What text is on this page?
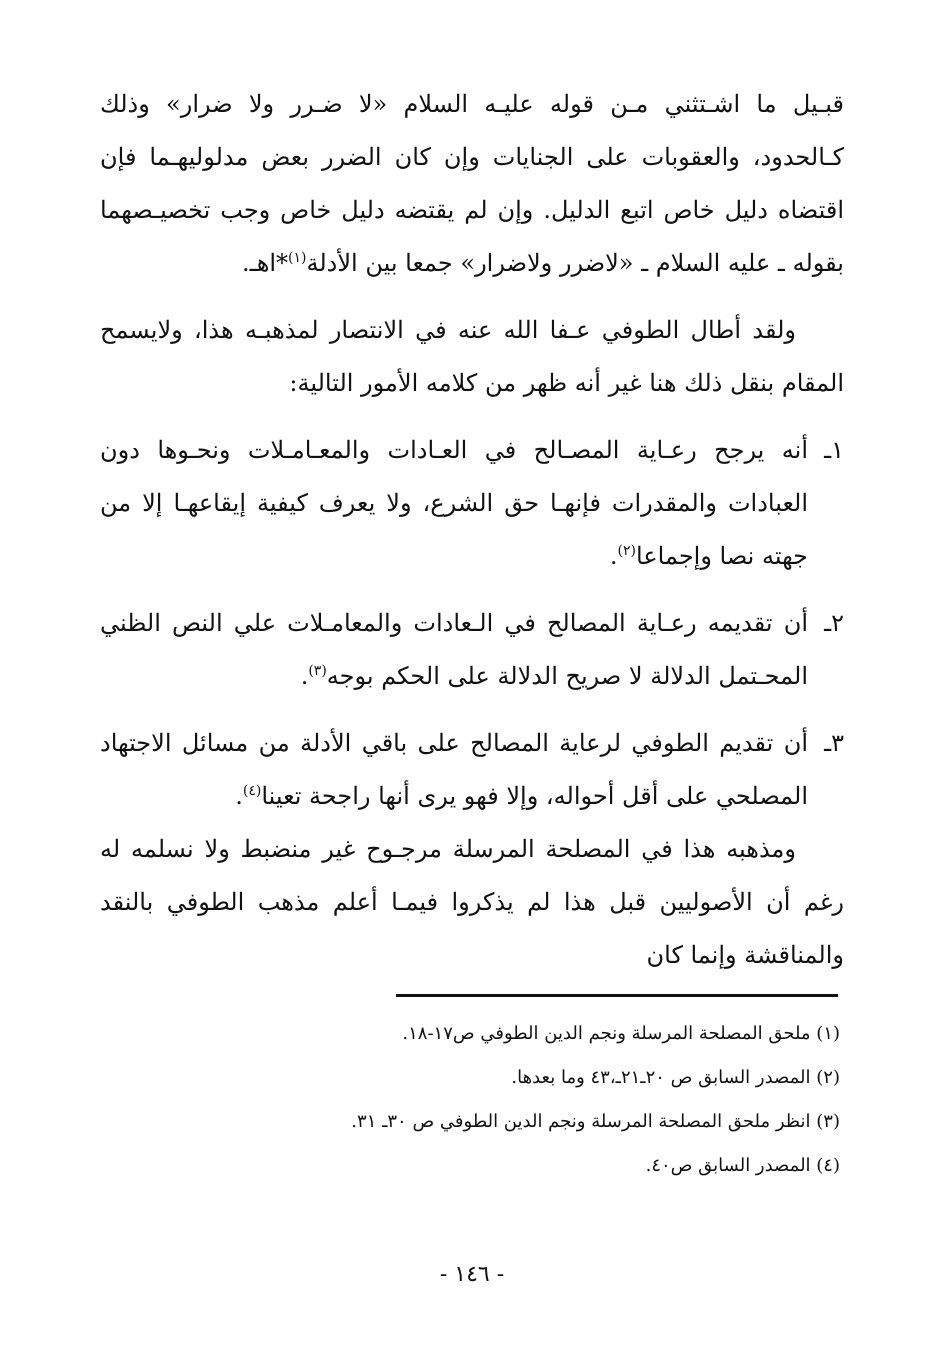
قبـيل ما اشـتثني مـن قوله عليـه السلام «لا ضـرر ولا ضرار» وذلك كـالحدود، والعقوبات على الجنايات وإن كان الضرر بعض مدلوليهـما فإن اقتضاه دليل خاص اتبع الدليل. وإن لم يقتضه دليل خاص وجب تخصيـصهما بقوله ـ عليه السلام ـ «لاضرر ولاضرار» جمعا بين الأدلة$^{(١)}$*اهـ.

ولقد أطال الطوفي عـفا الله عنه في الانتصار لمذهبـه هذا، ولايسمح المقام بنقل ذلك هنا غير أنه ظهر من كلامه الأمور التالية:

١ـ

أنه يرجح رعـاية المصـالح في العـادات والمعـامـلات ونحـوها دون العبادات والمقدرات فإنهـا حق الشرع، ولا يعرف كيفية إيقاعهـا إلا من جهته نصا وإجماعا$^{(٢)}$.

٢ـ

أن تقديمه رعـاية المصالح في الـعادات والمعامـلات علي النص الظني المحـتمل الدلالة لا صريح الدلالة على الحكم بوجه$^{(٣)}$.

٣ـ

أن تقديم الطوفي لرعاية المصالح على باقي الأدلة من مسائل الاجتهاد المصلحي على أقل أحواله، وإلا فهو يرى أنها راجحة تعينا$^{(٤)}$.

ومذهبه هذا في المصلحة المرسلة مرجـوح غير منضبط ولا نسلمه له رغم أن الأصوليين قبل هذا لم يذكروا فيمـا أعلم مذهب الطوفي بالنقد والمناقشة وإنما كان

(١) ملحق المصلحة المرسلة ونجم الدين الطوفي ص١٧-١٨.

(٢) المصدر السابق ص ٢٠ـ٢١ـ،٤٣ وما بعدها.

(٣) انظر ملحق المصلحة المرسلة ونجم الدين الطوفي ص ٣٠ـ ٣١.

(٤) المصدر السابق ص٤٠.

- ١٤٦ -
